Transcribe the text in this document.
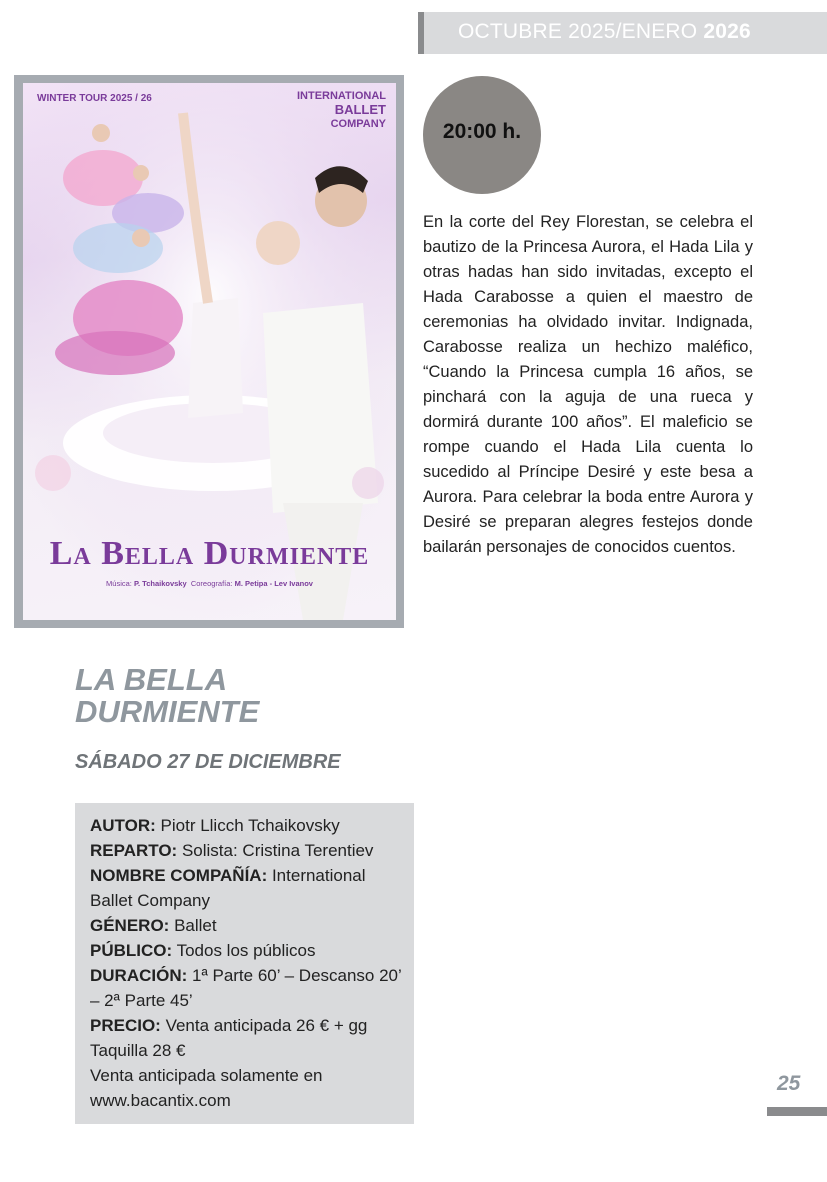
OCTUBRE 2025/ENERO 2026
WINTER TOUR 2025 / 26	INTERNATIONAL
BALLET
COMPANY
La Bella Durmiente
Música: P. Tchaikovsky Coreografía: M. Petipa - Lev Ivanov
20:00 h.
En la corte del Rey Florestan, se celebra el bautizo de la Princesa Aurora, el Hada Lila y otras hadas han sido invitadas, excepto el Hada Carabosse a quien el maestro de ceremonias ha olvidado invitar. Indignada, Carabosse realiza un hechizo maléfico, “Cuando la Princesa cumpla 16 años, se pinchará con la aguja de una rueca y dormirá durante 100 años”. El maleficio se rompe cuando el Hada Lila cuenta lo sucedido al Príncipe Desiré y este besa a Aurora. Para celebrar la boda entre Aurora y Desiré se preparan alegres festejos donde bailarán personajes de conocidos cuentos.
LA BELLA
DURMIENTE
SÁBADO 27 DE DICIEMBRE
AUTOR: Piotr Llicch Tchaikovsky
REPARTO: Solista: Cristina Terentiev
NOMBRE COMPAÑÍA: International Ballet Company
GÉNERO: Ballet
PÚBLICO: Todos los públicos
DURACIÓN: 1ª Parte 60’ – Descanso 20’ – 2ª Parte 45’
PRECIO: Venta anticipada 26 € + gg Taquilla 28 €
Venta anticipada solamente en www.bacantix.com
25
